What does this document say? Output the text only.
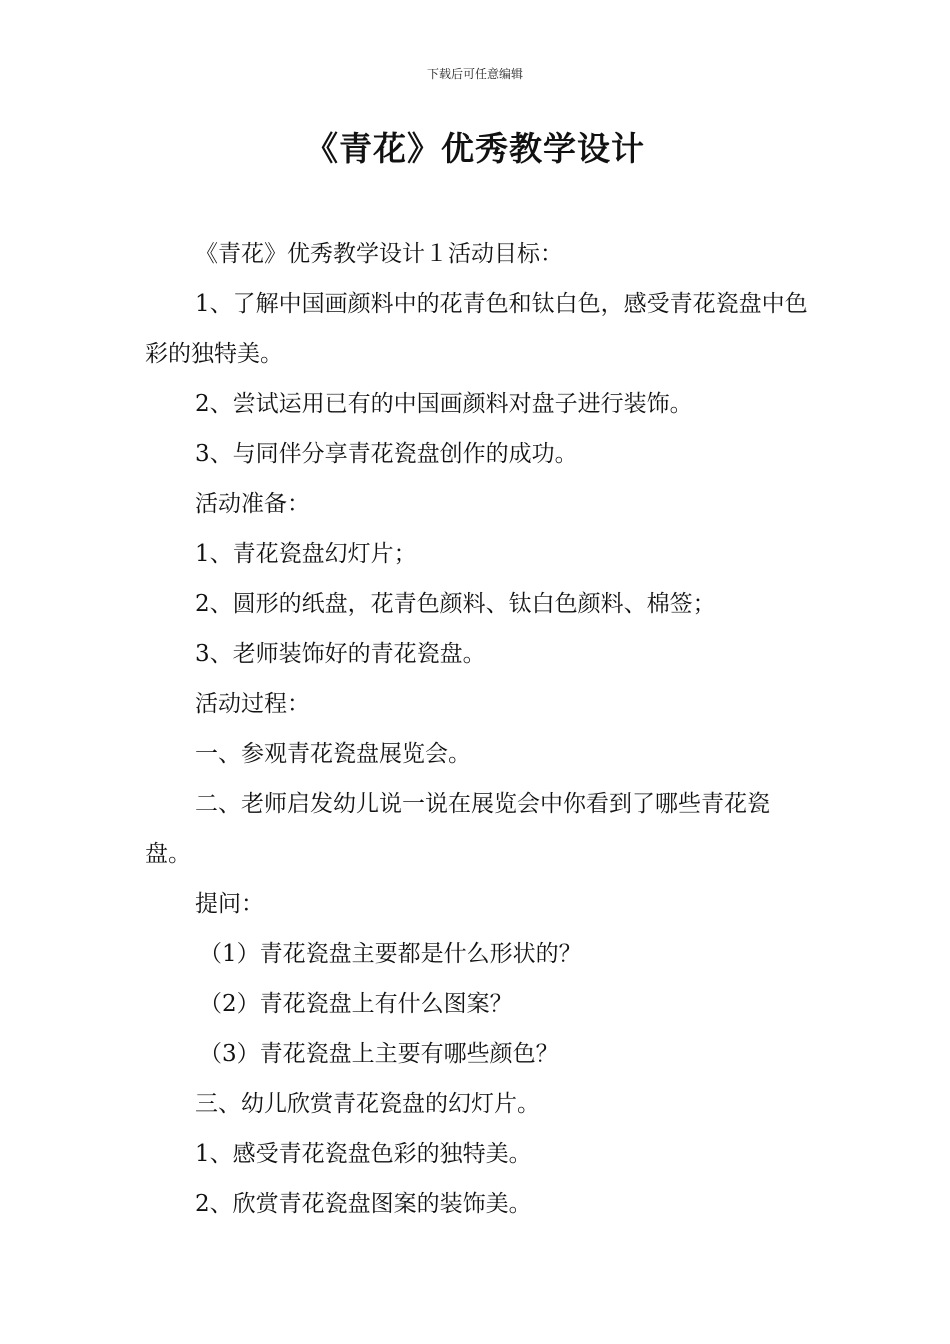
下载后可任意编辑
《青花》优秀教学设计

《青花》优秀教学设计１活动目标：

1、了解中国画颜料中的花青色和钛白色，感受青花瓷盘中色彩的独特美。

2、尝试运用已有的中国画颜料对盘子进行装饰。

3、与同伴分享青花瓷盘创作的成功。

活动准备：

1、青花瓷盘幻灯片；

2、圆形的纸盘，花青色颜料、钛白色颜料、棉签；

3、老师装饰好的青花瓷盘。

活动过程：

一、参观青花瓷盘展览会。

二、老师启发幼儿说一说在展览会中你看到了哪些青花瓷盘。

提问：

（1）青花瓷盘主要都是什么形状的？

（2）青花瓷盘上有什么图案？

（3）青花瓷盘上主要有哪些颜色？

三、幼儿欣赏青花瓷盘的幻灯片。

1、感受青花瓷盘色彩的独特美。

2、欣赏青花瓷盘图案的装饰美。
